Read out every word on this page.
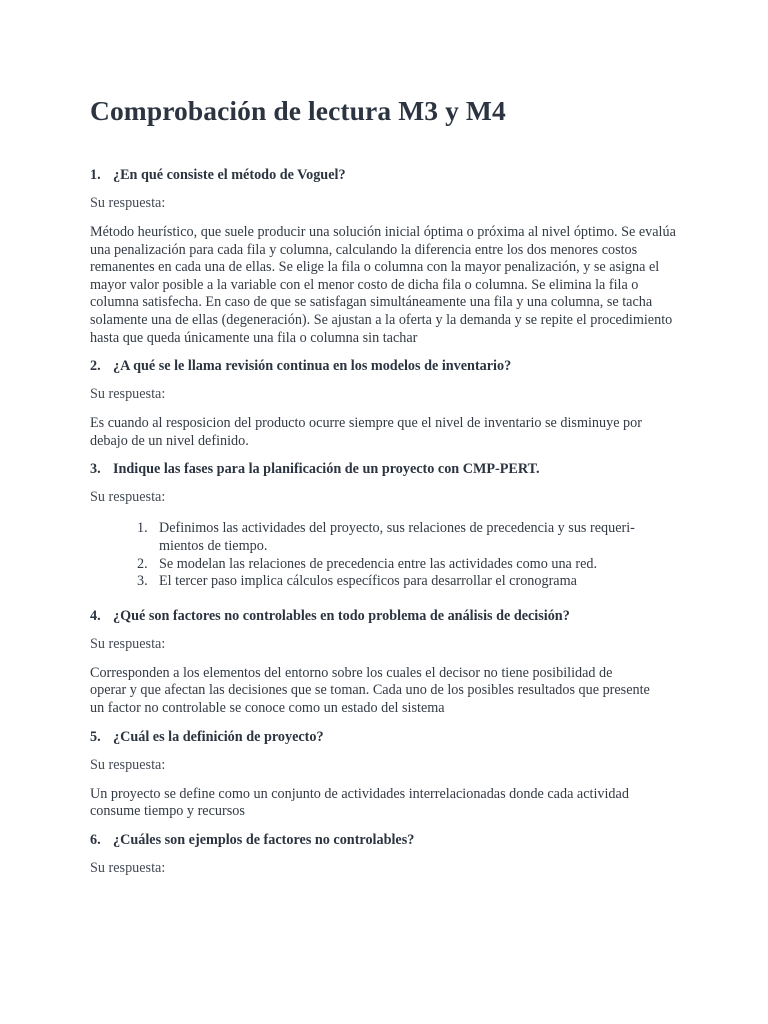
Comprobación de lectura M3 y M4

1. ¿En qué consiste el método de Voguel?

Su respuesta:

Método heurístico, que suele producir una solución inicial óptima o próxima al nivel óptimo. Se evalúa una penalización para cada fila y columna, calculando la diferencia entre los dos menores costos remanentes en cada una de ellas. Se elige la fila o columna con la mayor penalización, y se asigna el mayor valor posible a la variable con el menor costo de dicha fila o columna. Se elimina la fila o columna satisfecha. En caso de que se satisfagan simultáneamente una fila y una columna, se tacha solamente una de ellas (degeneración). Se ajustan a la oferta y la demanda y se repite el procedimiento hasta que queda únicamente una fila o columna sin tachar

2. ¿A qué se le llama revisión continua en los modelos de inventario?

Su respuesta:

Es cuando al resposicion del producto ocurre siempre que el nivel de inventario se disminuye por debajo de un nivel definido.

3. Indique las fases para la planificación de un proyecto con CMP-PERT.

Su respuesta:

1. Definimos las actividades del proyecto, sus relaciones de precedencia y sus requeri-mientos de tiempo.
2. Se modelan las relaciones de precedencia entre las actividades como una red.
3. El tercer paso implica cálculos específicos para desarrollar el cronograma

4. ¿Qué son factores no controlables en todo problema de análisis de decisión?

Su respuesta:

Corresponden a los elementos del entorno sobre los cuales el decisor no tiene posibilidad de operar y que afectan las decisiones que se toman. Cada uno de los posibles resultados que presente un factor no controlable se conoce como un estado del sistema

5. ¿Cuál es la definición de proyecto?

Su respuesta:

Un proyecto se define como un conjunto de actividades interrelacionadas donde cada actividad consume tiempo y recursos

6. ¿Cuáles son ejemplos de factores no controlables?

Su respuesta:
